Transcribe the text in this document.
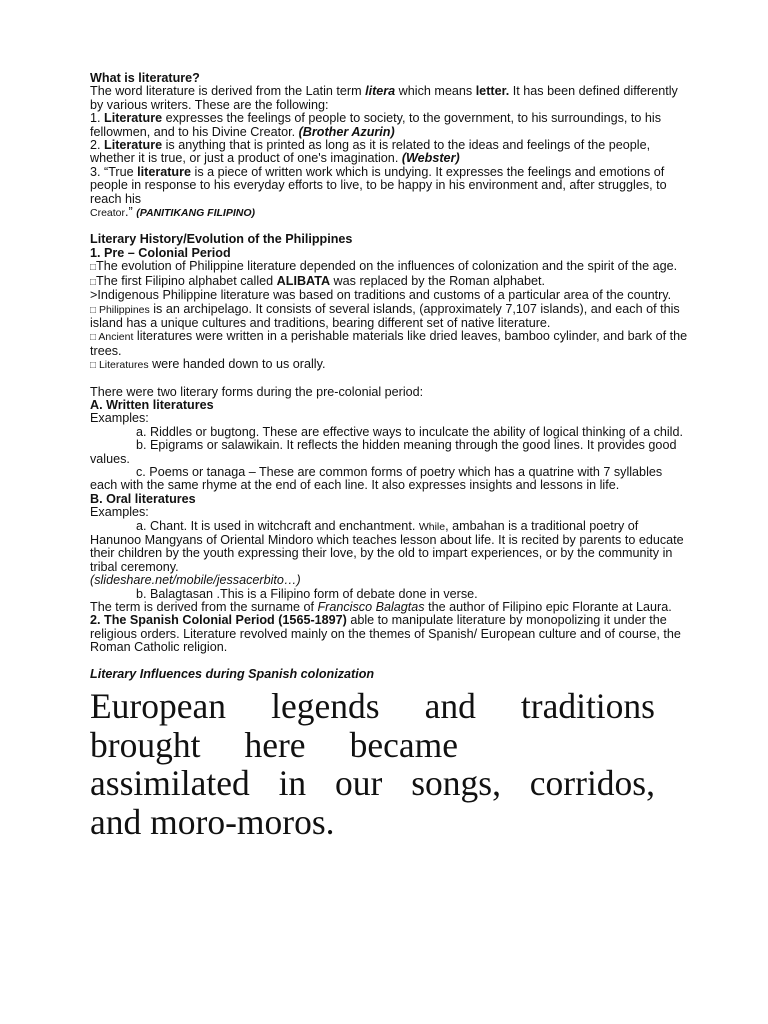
What is literature?

The word literature is derived from the Latin term litera which means letter. It has been defined differently by various writers. These are the following:

1. Literature expresses the feelings of people to society, to the government, to his surroundings, to his fellowmen, and to his Divine Creator. (Brother Azurin)

2. Literature is anything that is printed as long as it is related to the ideas and feelings of the people, whether it is true, or just a product of one's imagination. (Webster)

3. “True literature is a piece of written work which is undying. It expresses the feelings and emotions of people in response to his everyday efforts to live, to be happy in his environment and, after struggles, to reach his
Creator.” (PANITIKANG FILIPINO)

Literary History/Evolution of the Philippines

1. Pre – Colonial Period

□The evolution of Philippine literature depended on the influences of colonization and the spirit of the age.

□The first Filipino alphabet called ALIBATA was replaced by the Roman alphabet.

>Indigenous Philippine literature was based on traditions and customs of a particular area of the country.

□ Philippines is an archipelago. It consists of several islands, (approximately 7,107 islands), and each of this island has a unique cultures and traditions, bearing different set of native literature.

□ Ancient literatures were written in a perishable materials like dried leaves, bamboo cylinder, and bark of the trees.

□ Literatures were handed down to us orally.

There were two literary forms during the pre-colonial period:

A. Written literatures

Examples:

a. Riddles or bugtong. These are effective ways to inculcate the ability of logical thinking of a child.

b. Epigrams or salawikain. It reflects the hidden meaning through the good lines. It provides good values.

c. Poems or tanaga – These are common forms of poetry which has a quatrine with 7 syllables each with the same rhyme at the end of each line. It also expresses insights and lessons in life.

B. Oral literatures

Examples:

a. Chant. It is used in witchcraft and enchantment. While, ambahan is a traditional poetry of Hanunoo Mangyans of Oriental Mindoro which teaches lesson about life. It is recited by parents to educate their children by the youth expressing their love, by the old to impart experiences, or by the community in tribal ceremony.

(slideshare.net/mobile/jessacerbito…)

b. Balagtasan .This is a Filipino form of debate done in verse.

The term is derived from the surname of Francisco Balagtas the author of Filipino epic Florante at Laura.

2. The Spanish Colonial Period (1565-1897) able to manipulate literature by monopolizing it under the religious orders. Literature revolved mainly on the themes of Spanish/ European culture and of course, the Roman Catholic religion.

Literary Influences during Spanish colonization

European legends and traditions
brought here became
assimilated in our songs, corridos,
and moro-moros.
